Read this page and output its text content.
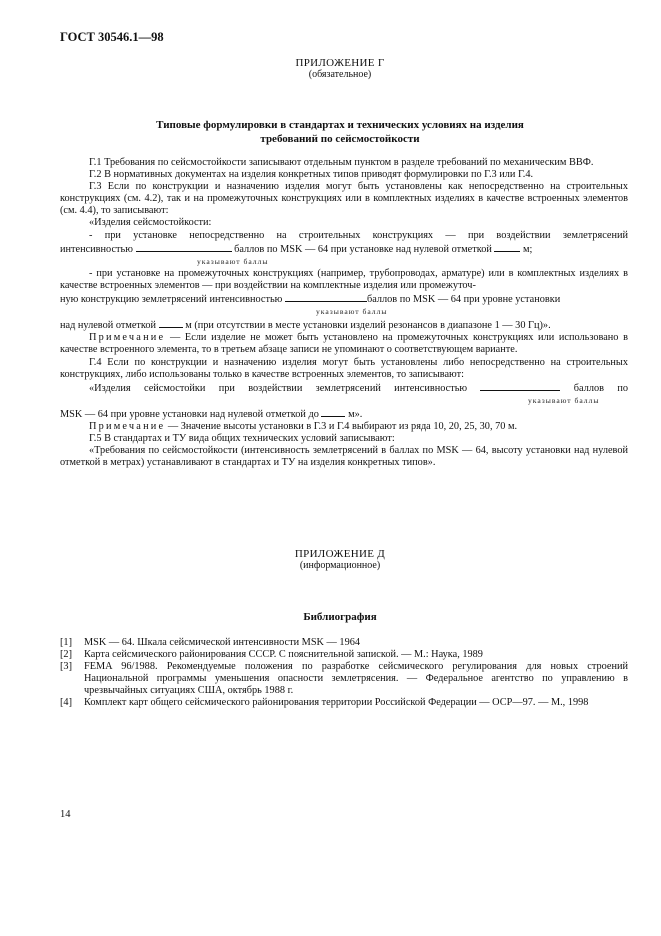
ГОСТ 30546.1—98
ПРИЛОЖЕНИЕ Г
(обязательное)
Типовые формулировки в стандартах и технических условиях на изделия
требований по сейсмостойкости

Г.1 Требования по сейсмостойкости записывают отдельным пунктом в разделе требований по механическим ВВФ.

Г.2 В нормативных документах на изделия конкретных типов приводят формулировки по Г.3 или Г.4.

Г.3 Если по конструкции и назначению изделия могут быть установлены как непосредственно на строительных конструкциях (см. 4.2), так и на промежуточных конструкциях или в комплектных изделиях в качестве встроенных элементов (см. 4.4), то записывают:

«Изделия сейсмостойкости:

- при установке непосредственно на строительных конструкциях — при воздействии землетрясений

интенсивностью	баллов по MSK — 64 при установке над нулевой отметкой	м;

указывают баллы

- при установке на промежуточных конструкциях (например, трубопроводах, арматуре) или в комплектных изделиях в качестве встроенных элементов — при воздействии на комплектные изделия или промежуточ-

ную конструкцию землетрясений интенсивностью	баллов по MSK — 64 при уровне установки

указывают баллы

над нулевой отметкой	м (при отсутствии в месте установки изделий резонансов в диапазоне 1 — 30 Гц)».

Примечание — Если изделие не может быть установлено на промежуточных конструкциях или использовано в качестве встроенного элемента, то в третьем абзаце записи не упоминают о соответствующем варианте.

Г.4 Если по конструкции и назначению изделия могут быть установлены либо непосредственно на строительных конструкциях, либо использованы только в качестве встроенных элементов, то записывают:

«Изделия сейсмостойки при воздействии землетрясений интенсивностью	баллов по

указывают баллы

MSK — 64 при уровне установки над нулевой отметкой до	м».

Примечание — Значение высоты установки в Г.3 и Г.4 выбирают из ряда 10, 20, 25, 30, 70 м.

Г.5 В стандартах и ТУ вида общих технических условий записывают:

«Требования по сейсмостойкости (интенсивность землетрясений в баллах по MSK — 64, высоту установки над нулевой отметкой в метрах) устанавливают в стандартах и ТУ на изделия конкретных типов».

ПРИЛОЖЕНИЕ Д
(информационное)
Библиография
[1]	MSK — 64. Шкала сейсмической интенсивности MSK — 1964
[2]	Карта сейсмического районирования СССР. С пояснительной запиской. — М.: Наука, 1989
[3]	FEMA 96/1988. Рекомендуемые положения по разработке сейсмического регулирования для новых строений Национальной программы уменьшения опасности землетрясения. — Федеральное агентство по управлению в чрезвычайных ситуациях США, октябрь 1988 г.
[4]	Комплект карт общего сейсмического районирования территории Российской Федерации — ОСР—97. — М., 1998
14
